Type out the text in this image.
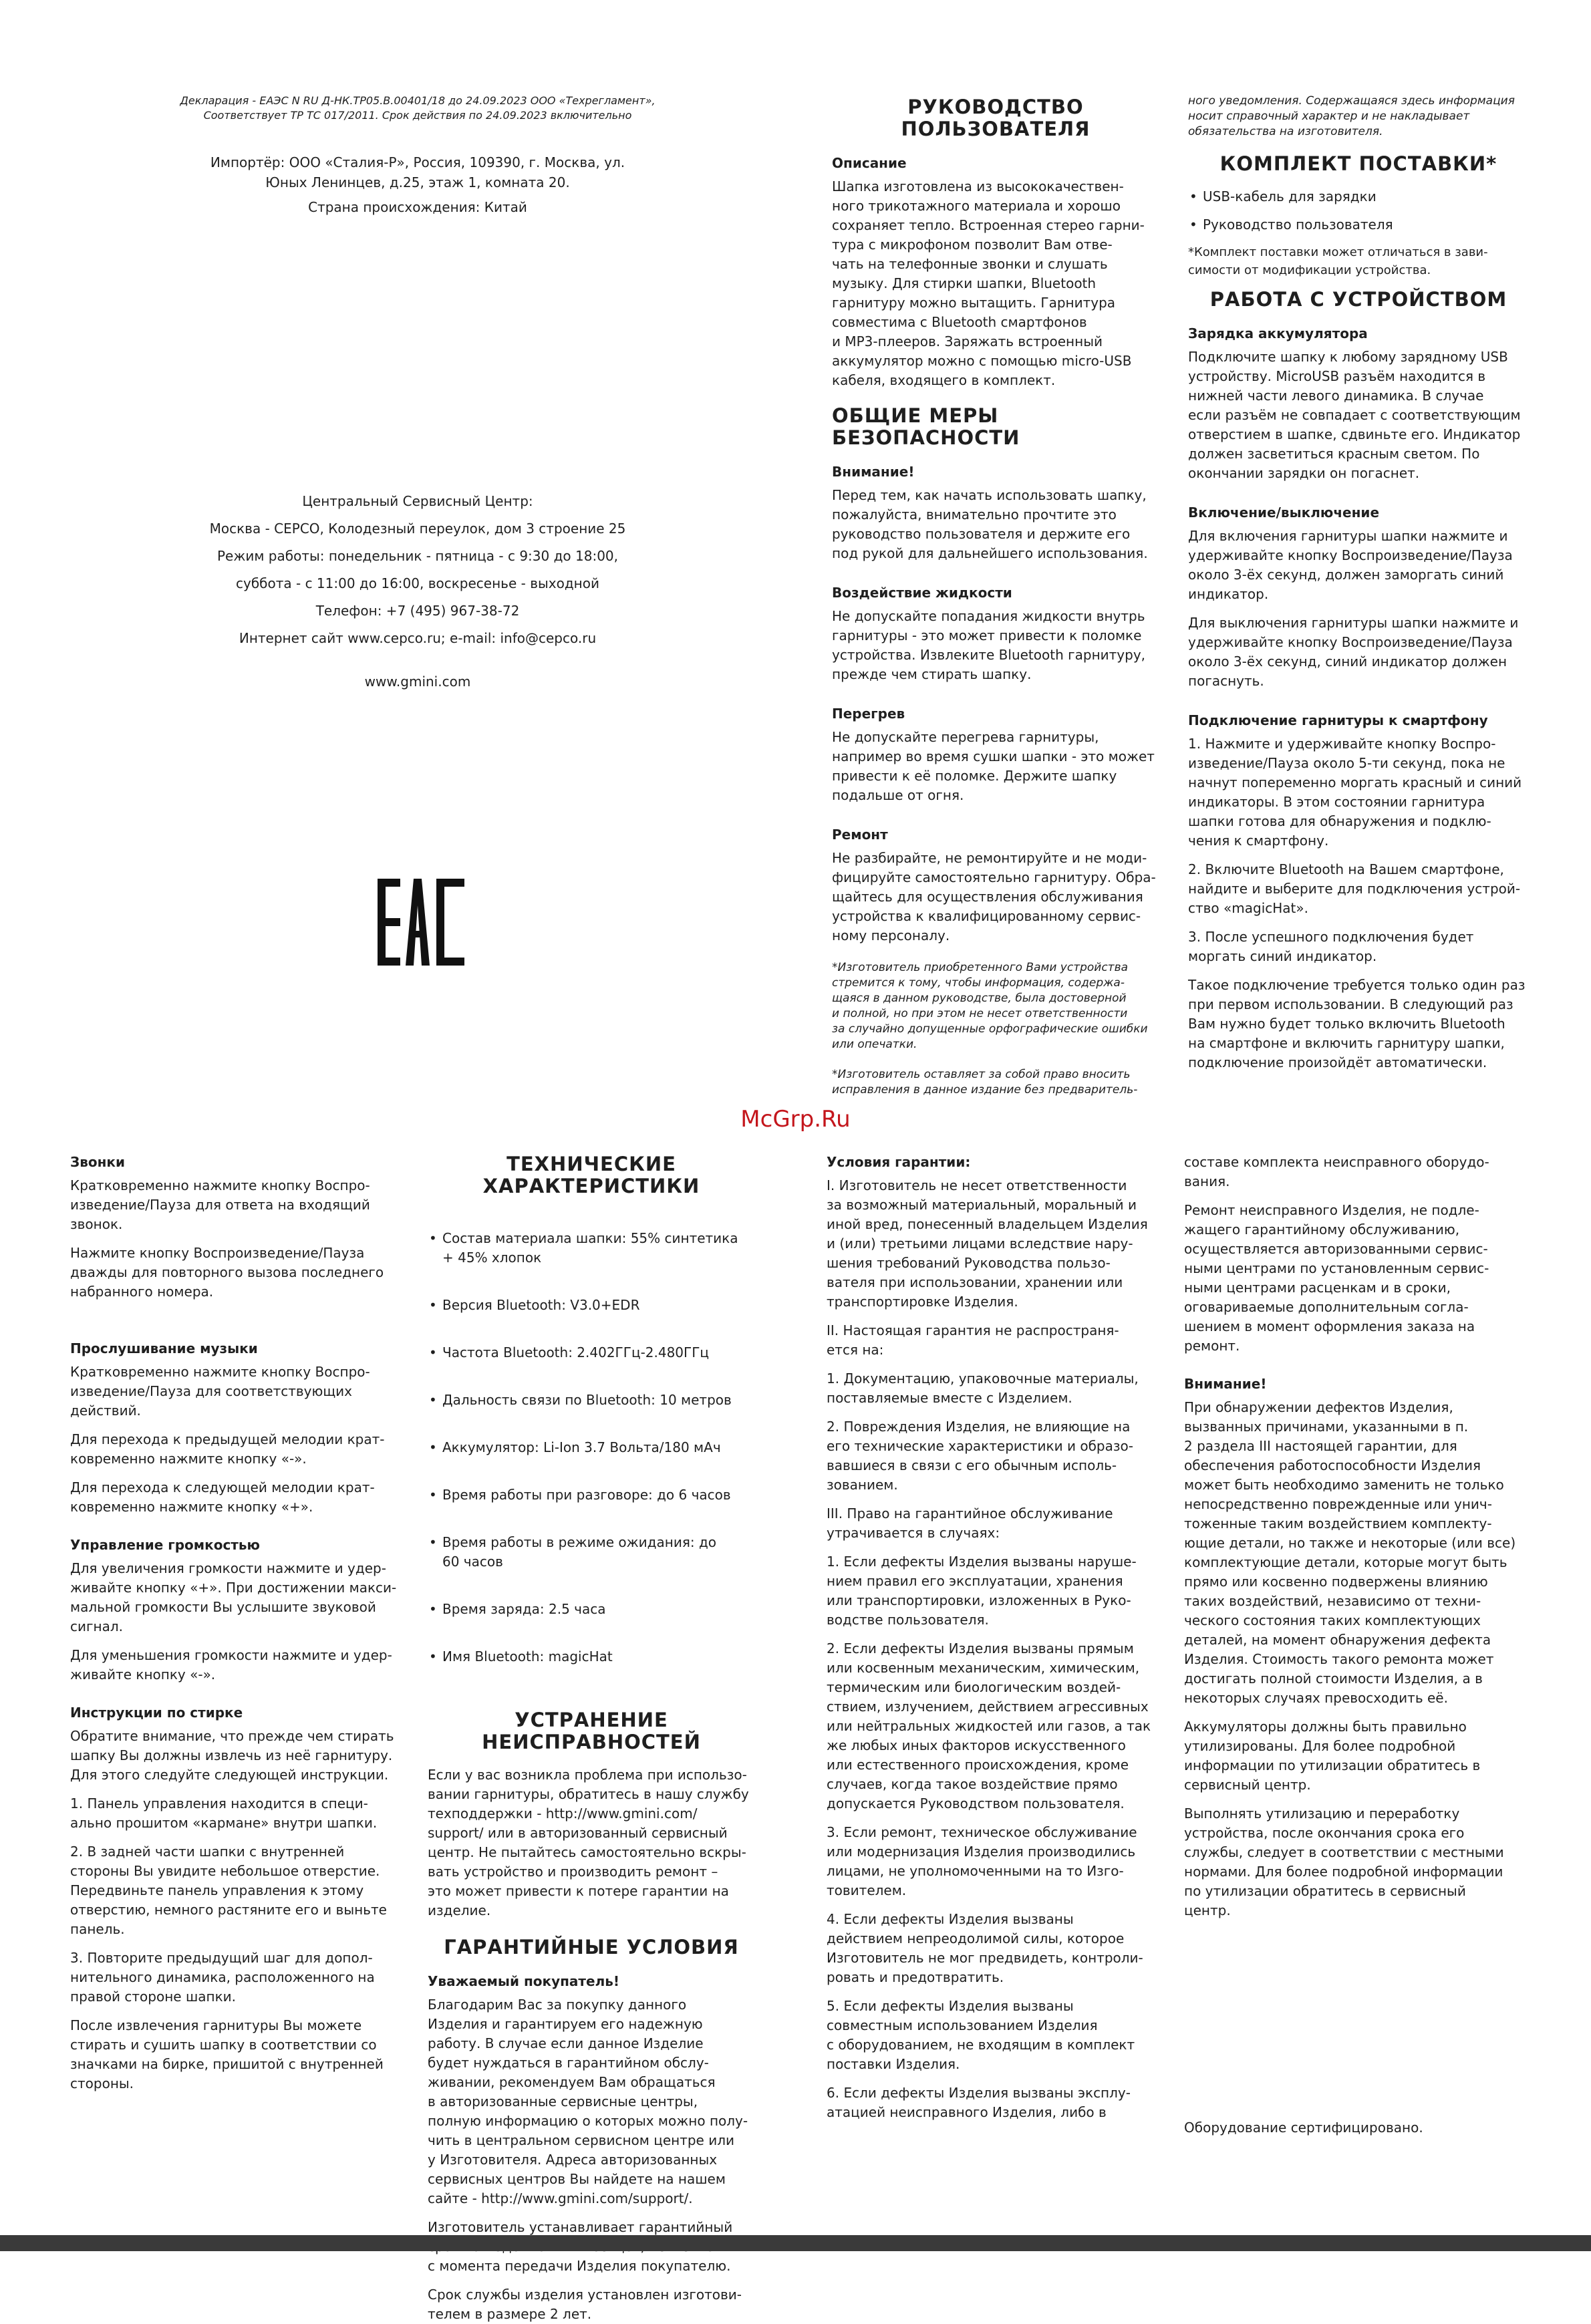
Декларация - ЕАЭС N RU Д-НК.ТР05.В.00401/18 до 24.09.2023 ООО «Техрегламент»,
Соответствует ТР ТС 017/2011. Срок действия по 24.09.2023 включительно

Импортёр: ООО «Сталия-Р», Россия, 109390, г. Москва, ул.
Юных Ленинцев, д.25, этаж 1, комната 20.

Страна происхождения: Китай

Центральный Сервисный Центр:
Москва - СЕРСО, Колодезный переулок, дом 3 строение 25
Режим работы: понедельник - пятница - с 9:30 до 18:00,
суббота - с 11:00 до 16:00, воскресенье - выходной
Телефон: +7 (495) 967-38-72
Интернет сайт www.cepco.ru; e-mail: info@cepco.ru

www.gmini.com

РУКОВОДСТВО
ПОЛЬЗОВАТЕЛЯ
Описание

Шапка изготовлена из высококачествен-
ного трикотажного материала и хорошо
сохраняет тепло. Встроенная стерео гарни-
тура с микрофоном позволит Вам отве-
чать на телефонные звонки и слушать
музыку. Для стирки шапки, Bluetooth
гарнитуру можно вытащить. Гарнитура
совместима с Bluetooth смартфонов
и MP3-плееров. Заряжать встроенный
аккумулятор можно с помощью micro-USB
кабеля, входящего в комплект.

ОБЩИЕ МЕРЫ БЕЗОПАСНОСТИ
Внимание!

Перед тем, как начать использовать шапку,
пожалуйста, внимательно прочтите это
руководство пользователя и держите его
под рукой для дальнейшего использования.

Воздействие жидкости

Не допускайте попадания жидкости внутрь
гарнитуры - это может привести к поломке
устройства. Извлеките Bluetooth гарнитуру,
прежде чем стирать шапку.

Перегрев

Не допускайте перегрева гарнитуры,
например во время сушки шапки - это может
привести к её поломке. Держите шапку
подальше от огня.

Ремонт

Не разбирайте, не ремонтируйте и не моди-
фицируйте самостоятельно гарнитуру. Обра-
щайтесь для осуществления обслуживания
устройства к квалифицированному сервис-
ному персоналу.

*Изготовитель приобретенного Вами устройства
стремится к тому, чтобы информация, содержа-
щаяся в данном руководстве, была достоверной
и полной, но при этом не несет ответственности
за случайно допущенные орфографические ошибки
или опечатки.

*Изготовитель оставляет за собой право вносить
исправления в данное издание без предваритель-

ного уведомления. Содержащаяся здесь информация
носит справочный характер и не накладывает
обязательства на изготовителя.

КОМПЛЕКТ ПОСТАВКИ*
• USB-кабель для зарядки
• Руководство пользователя

*Комплект поставки может отличаться в зави-
симости от модификации устройства.

РАБОТА С УСТРОЙСТВОМ
Зарядка аккумулятора

Подключите шапку к любому зарядному USB
устройству. MicroUSB разъём находится в
нижней части левого динамика. В случае
если разъём не совпадает с соответствующим
отверстием в шапке, сдвиньте его. Индикатор
должен засветиться красным светом. По
окончании зарядки он погаснет.

Включение/выключение

Для включения гарнитуры шапки нажмите и
удерживайте кнопку Воспроизведение/Пауза
около 3-ёх секунд, должен заморгать синий
индикатор.

Для выключения гарнитуры шапки нажмите и
удерживайте кнопку Воспроизведение/Пауза
около 3-ёх секунд, синий индикатор должен
погаснуть.

Подключение гарнитуры к смартфону

1. Нажмите и удерживайте кнопку Воспро-
изведение/Пауза около 5-ти секунд, пока не
начнут попеременно моргать красный и синий
индикаторы. В этом состоянии гарнитура
шапки готова для обнаружения и подклю-
чения к смартфону.

2. Включите Bluetooth на Вашем смартфоне,
найдите и выберите для подключения устрой-
ство «magicHat».

3. После успешного подключения будет
моргать синий индикатор.

Такое подключение требуется только один раз
при первом использовании. В следующий раз
Вам нужно будет только включить Bluetooth
на смартфоне и включить гарнитуру шапки,
подключение произойдёт автоматически.

McGrp.Ru
Звонки

Кратковременно нажмите кнопку Воспро-
изведение/Пауза для ответа на входящий
звонок.

Нажмите кнопку Воспроизведение/Пауза
дважды для повторного вызова последнего
набранного номера.

Прослушивание музыки

Кратковременно нажмите кнопку Воспро-
изведение/Пауза для соответствующих
действий.

Для перехода к предыдущей мелодии крат-
ковременно нажмите кнопку «-».

Для перехода к следующей мелодии крат-
ковременно нажмите кнопку «+».

Управление громкостью

Для увеличения громкости нажмите и удер-
живайте кнопку «+». При достижении макси-
мальной громкости Вы услышите звуковой
сигнал.

Для уменьшения громкости нажмите и удер-
живайте кнопку «-».

Инструкции по стирке

Обратите внимание, что прежде чем стирать
шапку Вы должны извлечь из неё гарнитуру.
Для этого следуйте следующей инструкции.

1. Панель управления находится в специ-
ально прошитом «кармане» внутри шапки.

2. В задней части шапки с внутренней
стороны Вы увидите небольшое отверстие.
Передвиньте панель управления к этому
отверстию, немного растяните его и выньте
панель.

3. Повторите предыдущий шаг для допол-
нительного динамика, расположенного на
правой стороне шапки.

После извлечения гарнитуры Вы можете
стирать и сушить шапку в соответствии со
значками на бирке, пришитой с внутренней
стороны.

ТЕХНИЧЕСКИЕ
ХАРАКТЕРИСТИКИ

• Состав материала шапки: 55% синтетика
+ 45% хлопок

• Версия Bluetooth: V3.0+EDR

• Частота Bluetooth: 2.402ГГц-2.480ГГц

• Дальность связи по Bluetooth: 10 метров

• Аккумулятор: Li-Ion 3.7 Вольта/180 мАч

• Время работы при разговоре: до 6 часов

• Время работы в режиме ожидания: до
60 часов

• Время заряда: 2.5 часа

• Имя Bluetooth: magicHat

УСТРАНЕНИЕ
НЕИСПРАВНОСТЕЙ

Если у вас возникла проблема при использо-
вании гарнитуры, обратитесь в нашу службу
техподдержки - http://www.gmini.com/
support/ или в авторизованный сервисный
центр. Не пытайтесь самостоятельно вскры-
вать устройство и производить ремонт –
это может привести к потере гарантии на
изделие.

ГАРАНТИЙНЫЕ УСЛОВИЯ
Уважаемый покупатель!

Благодарим Вас за покупку данного
Изделия и гарантируем его надежную
работу. В случае если данное Изделие
будет нуждаться в гарантийном обслу-
живании, рекомендуем Вам обращаться
в авторизованные сервисные центры,
полную информацию о которых можно полу-
чить в центральном сервисном центре или
у Изготовителя. Адреса авторизованных
сервисных центров Вы найдете на нашем
сайте - http://www.gmini.com/support/.

Изготовитель устанавливает гарантийный

с момента передачи Изделия покупателю.

Срок службы изделия установлен изготови-
телем в размере 2 лет.

Условия гарантии:

I. Изготовитель не несет ответственности
за возможный материальный, моральный и
иной вред, понесенный владельцем Изделия
и (или) третьими лицами вследствие нару-
шения требований Руководства пользо-
вателя при использовании, хранении или
транспортировке Изделия.

II. Настоящая гарантия не распространя-
ется на:

1. Документацию, упаковочные материалы,
поставляемые вместе с Изделием.

2. Повреждения Изделия, не влияющие на
его технические характеристики и образо-
вавшиеся в связи с его обычным исполь-
зованием.

III. Право на гарантийное обслуживание
утрачивается в случаях:

1. Если дефекты Изделия вызваны наруше-
нием правил его эксплуатации, хранения
или транспортировки, изложенных в Руко-
водстве пользователя.

2. Если дефекты Изделия вызваны прямым
или косвенным механическим, химическим,
термическим или биологическим воздей-
ствием, излучением, действием агрессивных
или нейтральных жидкостей или газов, а так
же любых иных факторов искусственного
или естественного происхождения, кроме
случаев, когда такое воздействие прямо
допускается Руководством пользователя.

3. Если ремонт, техническое обслуживание
или модернизация Изделия производились
лицами, не уполномоченными на то Изго-
товителем.

4. Если дефекты Изделия вызваны
действием непреодолимой силы, которое
Изготовитель не мог предвидеть, контроли-
ровать и предотвратить.

5. Если дефекты Изделия вызваны
совместным использованием Изделия
с оборудованием, не входящим в комплект
поставки Изделия.

6. Если дефекты Изделия вызваны эксплу-
атацией неисправного Изделия, либо в

составе комплекта неисправного оборудо-
вания.

Ремонт неисправного Изделия, не подле-
жащего гарантийному обслуживанию,
осуществляется авторизованными сервис-
ными центрами по установленным сервис-
ными центрами расценкам и в сроки,
оговариваемые дополнительным согла-
шением в момент оформления заказа на
ремонт.

Внимание!

При обнаружении дефектов Изделия,
вызванных причинами, указанными в п.
2 раздела III настоящей гарантии, для
обеспечения работоспособности Изделия
может быть необходимо заменить не только
непосредственно поврежденные или унич-
тоженные таким воздействием комплекту-
ющие детали, но также и некоторые (или все)
комплектующие детали, которые могут быть
прямо или косвенно подвержены влиянию
таких воздействий, независимо от техни-
ческого состояния таких комплектующих
деталей, на момент обнаружения дефекта
Изделия. Стоимость такого ремонта может
достигать полной стоимости Изделия, а в
некоторых случаях превосходить её.

Аккумуляторы должны быть правильно
утилизированы. Для более подробной
информации по утилизации обратитесь в
сервисный центр.

Выполнять утилизацию и переработку
устройства, после окончания срока его
службы, следует в соответствии с местными
нормами. Для более подробной информации
по утилизации обратитесь в сервисный
центр.

Оборудование сертифицировано.
